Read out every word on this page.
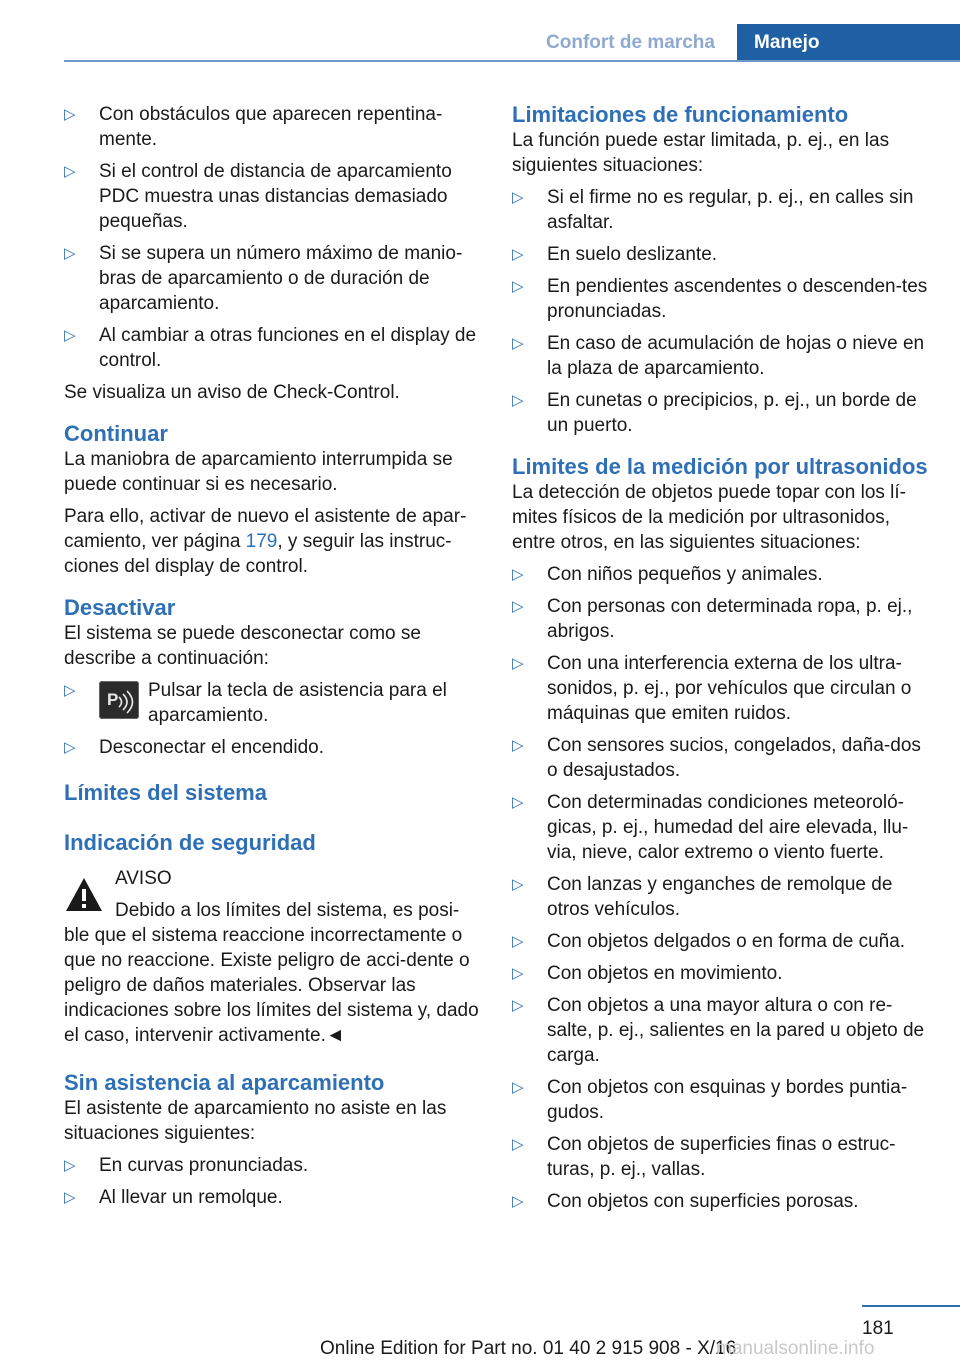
Confort de marcha	Manejo
▷ Con obstáculos que aparecen repentina-mente.
▷ Si el control de distancia de aparcamiento PDC muestra unas distancias demasiado pequeñas.
▷ Si se supera un número máximo de manio-bras de aparcamiento o de duración de aparcamiento.
▷ Al cambiar a otras funciones en el display de control.

Se visualiza un aviso de Check-Control.

Continuar

La maniobra de aparcamiento interrumpida se puede continuar si es necesario.

Para ello, activar de nuevo el asistente de apar-camiento, ver página 179, y seguir las instruc-ciones del display de control.

Desactivar

El sistema se puede desconectar como se describe a continuación:

▷ P Pulsar la tecla de asistencia para el aparcamiento.
▷ Desconectar el encendido.
Límites del sistema
Indicación de seguridad

AVISO

Debido a los límites del sistema, es posi-ble que el sistema reaccione incorrectamente o que no reaccione. Existe peligro de acci-dente o peligro de daños materiales. Observar las indicaciones sobre los límites del sistema y, dado el caso, intervenir activamente.◄

Sin asistencia al aparcamiento

El asistente de aparcamiento no asiste en las situaciones siguientes:

▷ En curvas pronunciadas.
▷ Al llevar un remolque.
Limitaciones de funcionamiento

La función puede estar limitada, p. ej., en las siguientes situaciones:

▷ Si el firme no es regular, p. ej., en calles sin asfaltar.
▷ En suelo deslizante.
▷ En pendientes ascendentes o descenden-tes pronunciadas.
▷ En caso de acumulación de hojas o nieve en la plaza de aparcamiento.
▷ En cunetas o precipicios, p. ej., un borde de un puerto.
Limites de la medición por ultrasonidos

La detección de objetos puede topar con los lí-mites físicos de la medición por ultrasonidos, entre otros, en las siguientes situaciones:

▷ Con niños pequeños y animales.
▷ Con personas con determinada ropa, p. ej., abrigos.
▷ Con una interferencia externa de los ultra-sonidos, p. ej., por vehículos que circulan o máquinas que emiten ruidos.
▷ Con sensores sucios, congelados, daña-dos o desajustados.
▷ Con determinadas condiciones meteoroló-gicas, p. ej., humedad del aire elevada, llu-via, nieve, calor extremo o viento fuerte.
▷ Con lanzas y enganches de remolque de otros vehículos.
▷ Con objetos delgados o en forma de cuña.
▷ Con objetos en movimiento.
▷ Con objetos a una mayor altura o con re-salte, p. ej., salientes en la pared u objeto de carga.
▷ Con objetos con esquinas y bordes puntia-gudos.
▷ Con objetos de superficies finas o estruc-turas, p. ej., vallas.
▷ Con objetos con superficies porosas.
181
Online Edition for Part no. 01 40 2 915 908 - X/16
manualsonline.info
